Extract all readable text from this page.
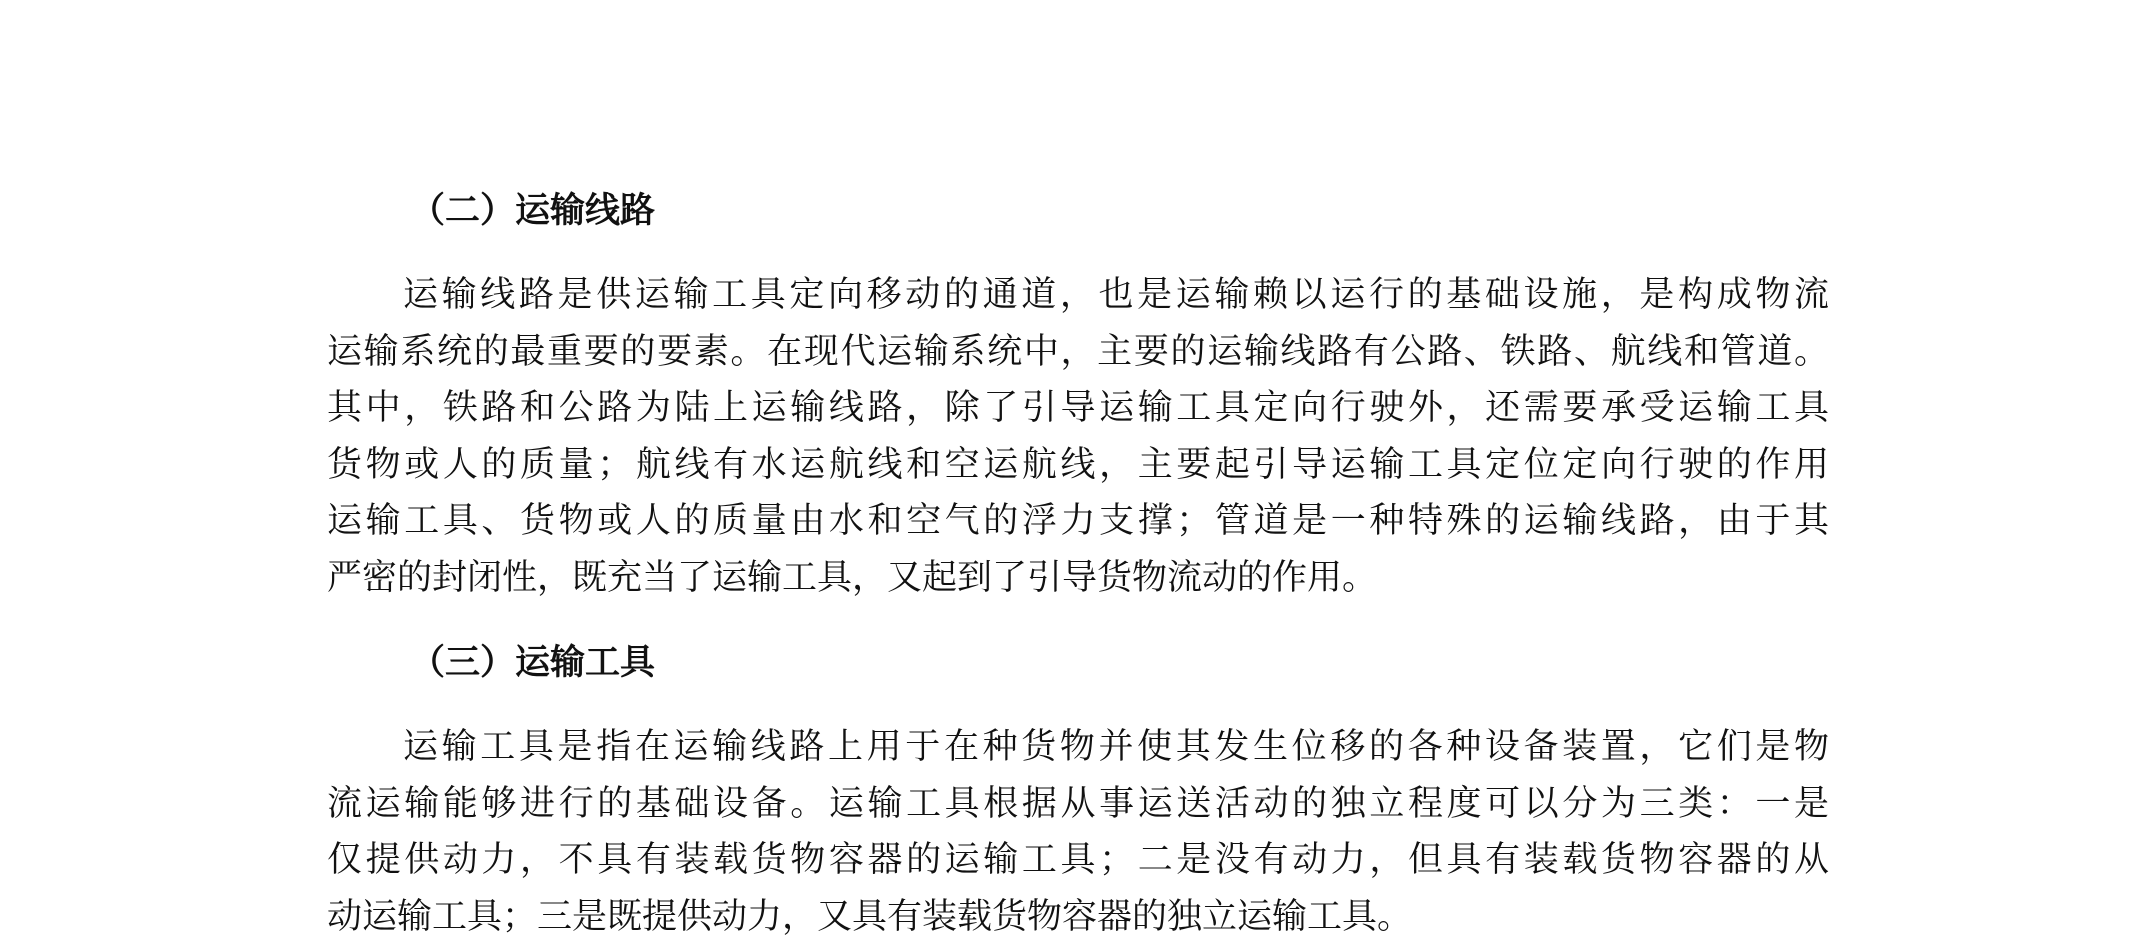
（二）运输线路
运输线路是供运输工具定向移动的通道，也是运输赖以运行的基础设施，是构成物流
运输系统的最重要的要素。在现代运输系统中，主要的运输线路有公路、铁路、航线和管道。
其中，铁路和公路为陆上运输线路，除了引导运输工具定向行驶外，还需要承受运输工具
货物或人的质量；航线有水运航线和空运航线，主要起引导运输工具定位定向行驶的作用
运输工具、货物或人的质量由水和空气的浮力支撑；管道是一种特殊的运输线路，由于其
严密的封闭性，既充当了运输工具，又起到了引导货物流动的作用。
（三）运输工具
运输工具是指在运输线路上用于在种货物并使其发生位移的各种设备装置，它们是物
流运输能够进行的基础设备。运输工具根据从事运送活动的独立程度可以分为三类：一是
仅提供动力，不具有装载货物容器的运输工具；二是没有动力，但具有装载货物容器的从
动运输工具；三是既提供动力，又具有装载货物容器的独立运输工具。
